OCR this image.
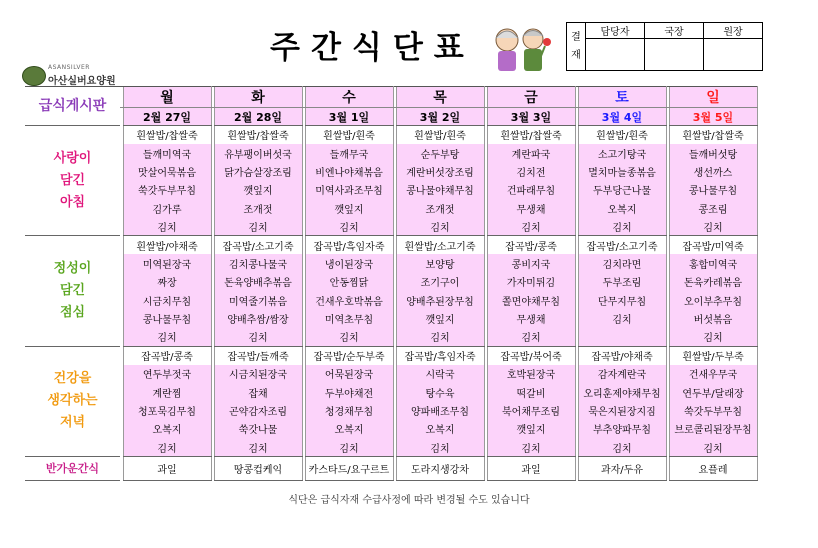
ASANSILVER
아산실버요양원
주간식단표	결
재	담당자	국장	원장

급식게시판		월		화		수		목		금		토		일
		2월 27일		2월 28일		3월 1일		3월 2일		3월 3일		3월 4일		3월 5일

사랑이
담긴
아침		흰쌀밥/찹쌀죽		흰쌀밥/찹쌀죽		흰쌀밥/흰죽		흰쌀밥/흰죽		흰쌀밥/찹쌀죽		흰쌀밥/흰죽		흰쌀밥/찹쌀죽
		들깨미역국		유부팽이버섯국		들깨무국		순두부탕		계란파국		소고기탕국		들깨버섯탕
		맛살어묵볶음		닭가슴살장조림		비엔나야채볶음		계란버섯장조림		김치전		멸치마늘종볶음		생선까스
		쑥갓두부무침		깻잎지		미역사과조무침		콩나물야채무침		건파래무침		두부당근나물		콩나물무침
		김가루		조개젓		깻잎지		조개젓		무생채		오복지		콩조림
		김치		김치		김치		김치		김치		김치		김치

정성이
담긴
점심		흰쌀밥/야채죽		잡곡밥/소고기죽		잡곡밥/흑임자죽		흰쌀밥/소고기죽		잡곡밥/콩죽		잡곡밥/소고기죽		잡곡밥/미역죽
		미역된장국		김치콩나물국		냉이된장국		보양탕		콩비지국		김치라면		홍합미역국
		짜장		돈육양배추볶음		안동찜닭		조기구이		가자미튀김		두부조림		돈육카레볶음
		시금치무침		미역줄기볶음		건새우호박볶음		양배추된장무침		쫄면야채무침		단무지무침		오이부추무침
		콩나물무침		양배추쌈/쌈장		미역초무침		깻잎지		무생채		김치		버섯볶음
		김치		김치		김치		김치		김치				김치

건강을
생각하는
저녁		잡곡밥/콩죽		잡곡밥/들깨죽		잡곡밥/순두부죽		잡곡밥/흑임자죽		잡곡밥/북어죽		잡곡밥/야채죽		흰쌀밥/두부죽
		연두부젓국		시금치된장국		어묵된장국		시락국		호박된장국		감자계란국		건새우무국
		계란찜		잡채		두부야채전		탕수육		떡갈비		오리훈제야채무침		연두부/달래장
		청포묵김무침		곤약감자조림		청경채무침		양파배조무침		북어채무조림		묵은지된장지짐		쑥갓두부무침
		오복지		쑥갓나물		오복지		오복지		깻잎지		부추양파무침		브로콜리된장무침
		김치		김치		김치		김치		김치		김치		김치
반가운간식		과일		땅콩컵케익		카스타드/요구르트		도라지생강차		과일		과자/두유		요플레
식단은 급식자재 수급사정에 따라 변경될 수도 있습니다
